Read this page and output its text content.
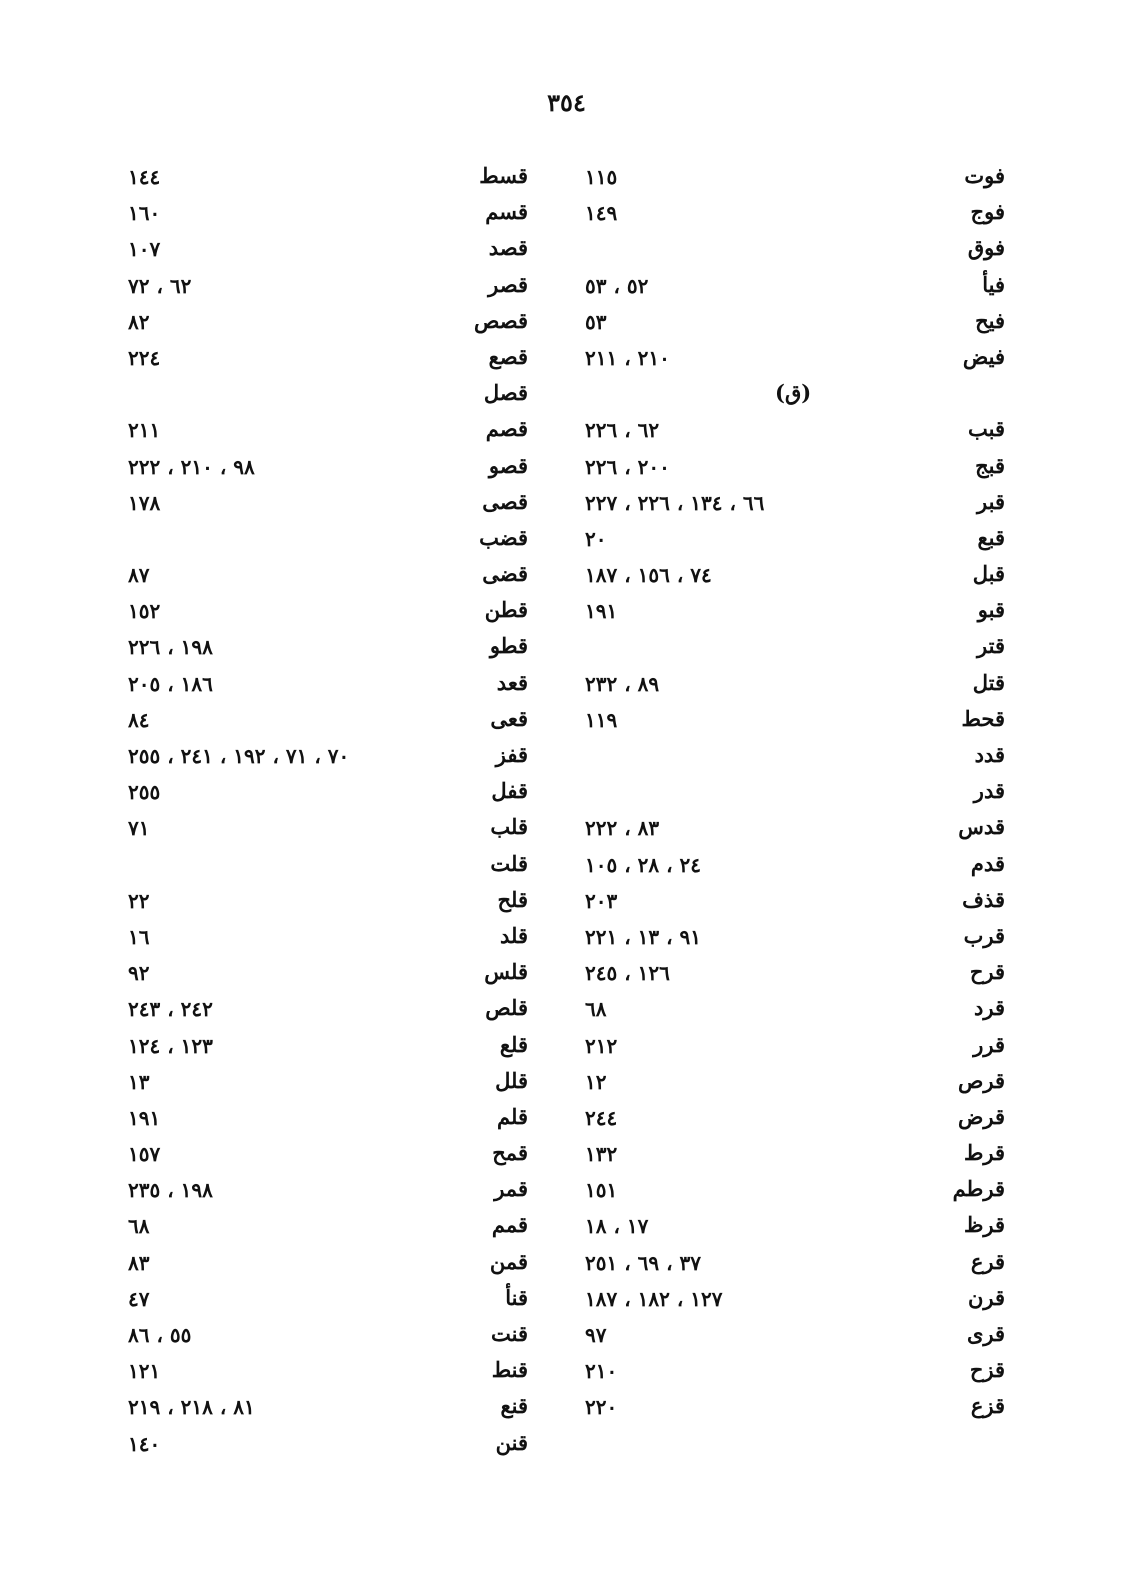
٣٥٤
فوت
١١٥
فوج
١٤٩
فوق
فيأ
٥٢ ، ٥٣
فيح
٥٣
فيض
٢١٠ ، ٢١١
(ق)
قبب
٦٢ ، ٢٢٦
قبج
٢٠٠ ، ٢٢٦
قبر
٦٦ ، ١٣٤ ، ٢٢٦ ، ٢٢٧
قبع
٢٠
قبل
٧٤ ، ١٥٦ ، ١٨٧
قبو
١٩١
قتر
قتل
٨٩ ، ٢٣٢
قحط
١١٩
قدد
قدر
قدس
٨٣ ، ٢٢٢
قدم
٢٤ ، ٢٨ ، ١٠٥
قذف
٢٠٣
قرب
٩١ ، ١٣ ، ٢٢١
قرح
١٢٦ ، ٢٤٥
قرد
٦٨
قرر
٢١٢
قرص
١٢
قرض
٢٤٤
قرط
١٣٢
قرطم
١٥١
قرظ
١٧ ، ١٨
قرع
٣٧ ، ٦٩ ، ٢٥١
قرن
١٢٧ ، ١٨٢ ، ١٨٧
قرى
٩٧
قزح
٢١٠
قزع
٢٢٠
قسط
١٤٤
قسم
١٦٠
قصد
١٠٧
قصر
٦٢ ، ٧٢
قصص
٨٢
قصع
٢٢٤
قصل
قصم
٢١١
قصو
٩٨ ، ٢١٠ ، ٢٢٢
قصى
١٧٨
قضب
قضى
٨٧
قطن
١٥٢
قطو
١٩٨ ، ٢٢٦
قعد
١٨٦ ، ٢٠٥
قعى
٨٤
قفز
٧٠ ، ٧١ ، ١٩٢ ، ٢٤١ ، ٢٥٥
قفل
٢٥٥
قلب
٧١
قلت
قلح
٢٢
قلد
١٦
قلس
٩٢
قلص
٢٤٢ ، ٢٤٣
قلع
١٢٣ ، ١٢٤
قلل
١٣
قلم
١٩١
قمح
١٥٧
قمر
١٩٨ ، ٢٣٥
قمم
٦٨
قمن
٨٣
قنأ
٤٧
قنت
٥٥ ، ٨٦
قنط
١٢١
قنع
٨١ ، ٢١٨ ، ٢١٩
قنن
١٤٠
